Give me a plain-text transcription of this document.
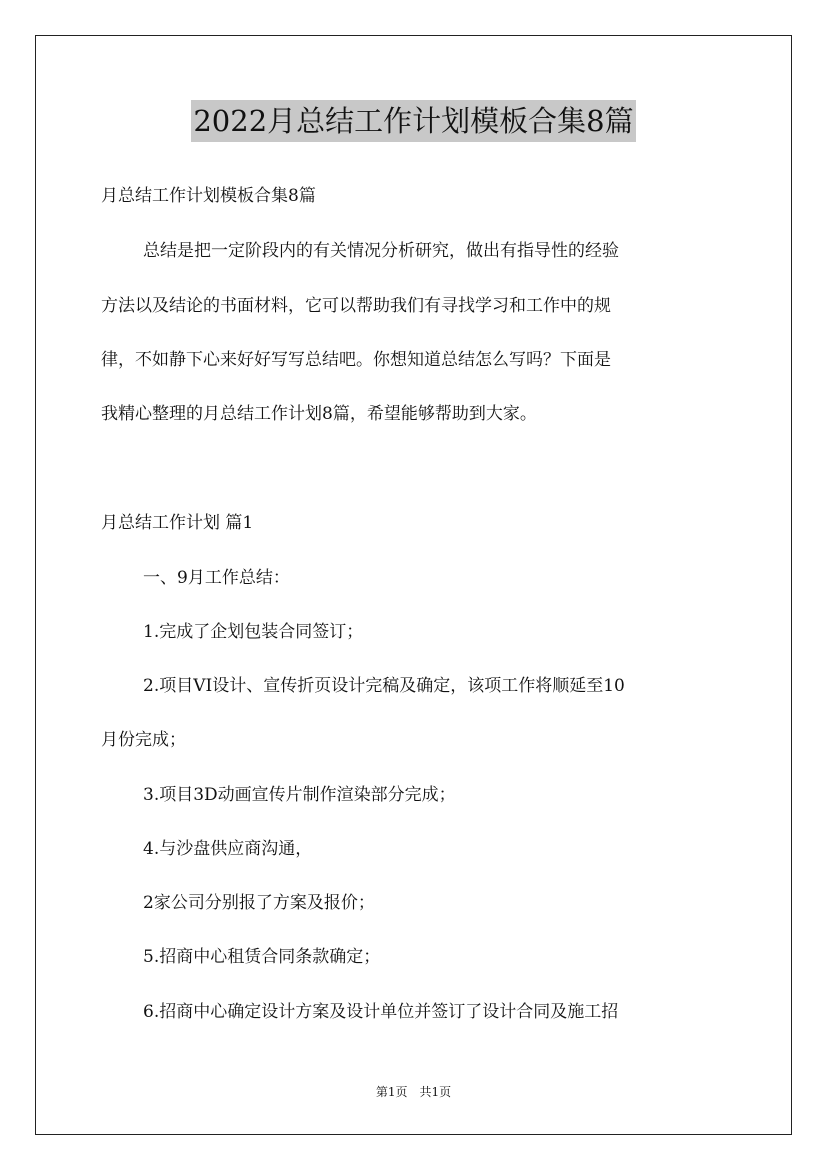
2022月总结工作计划模板合集8篇
月总结工作计划模板合集8篇
总结是把一定阶段内的有关情况分析研究，做出有指导性的经验
方法以及结论的书面材料，它可以帮助我们有寻找学习和工作中的规
律，不如静下心来好好写写总结吧。你想知道总结怎么写吗？下面是
我精心整理的月总结工作计划8篇，希望能够帮助到大家。
月总结工作计划 篇1
一、9月工作总结：
1.完成了企划包装合同签订；
2.项目VI设计、宣传折页设计完稿及确定，该项工作将顺延至10
月份完成；
3.项目3D动画宣传片制作渲染部分完成；
4.与沙盘供应商沟通，
2家公司分别报了方案及报价；
5.招商中心租赁合同条款确定；
6.招商中心确定设计方案及设计单位并签订了设计合同及施工招
第1页　共1页
